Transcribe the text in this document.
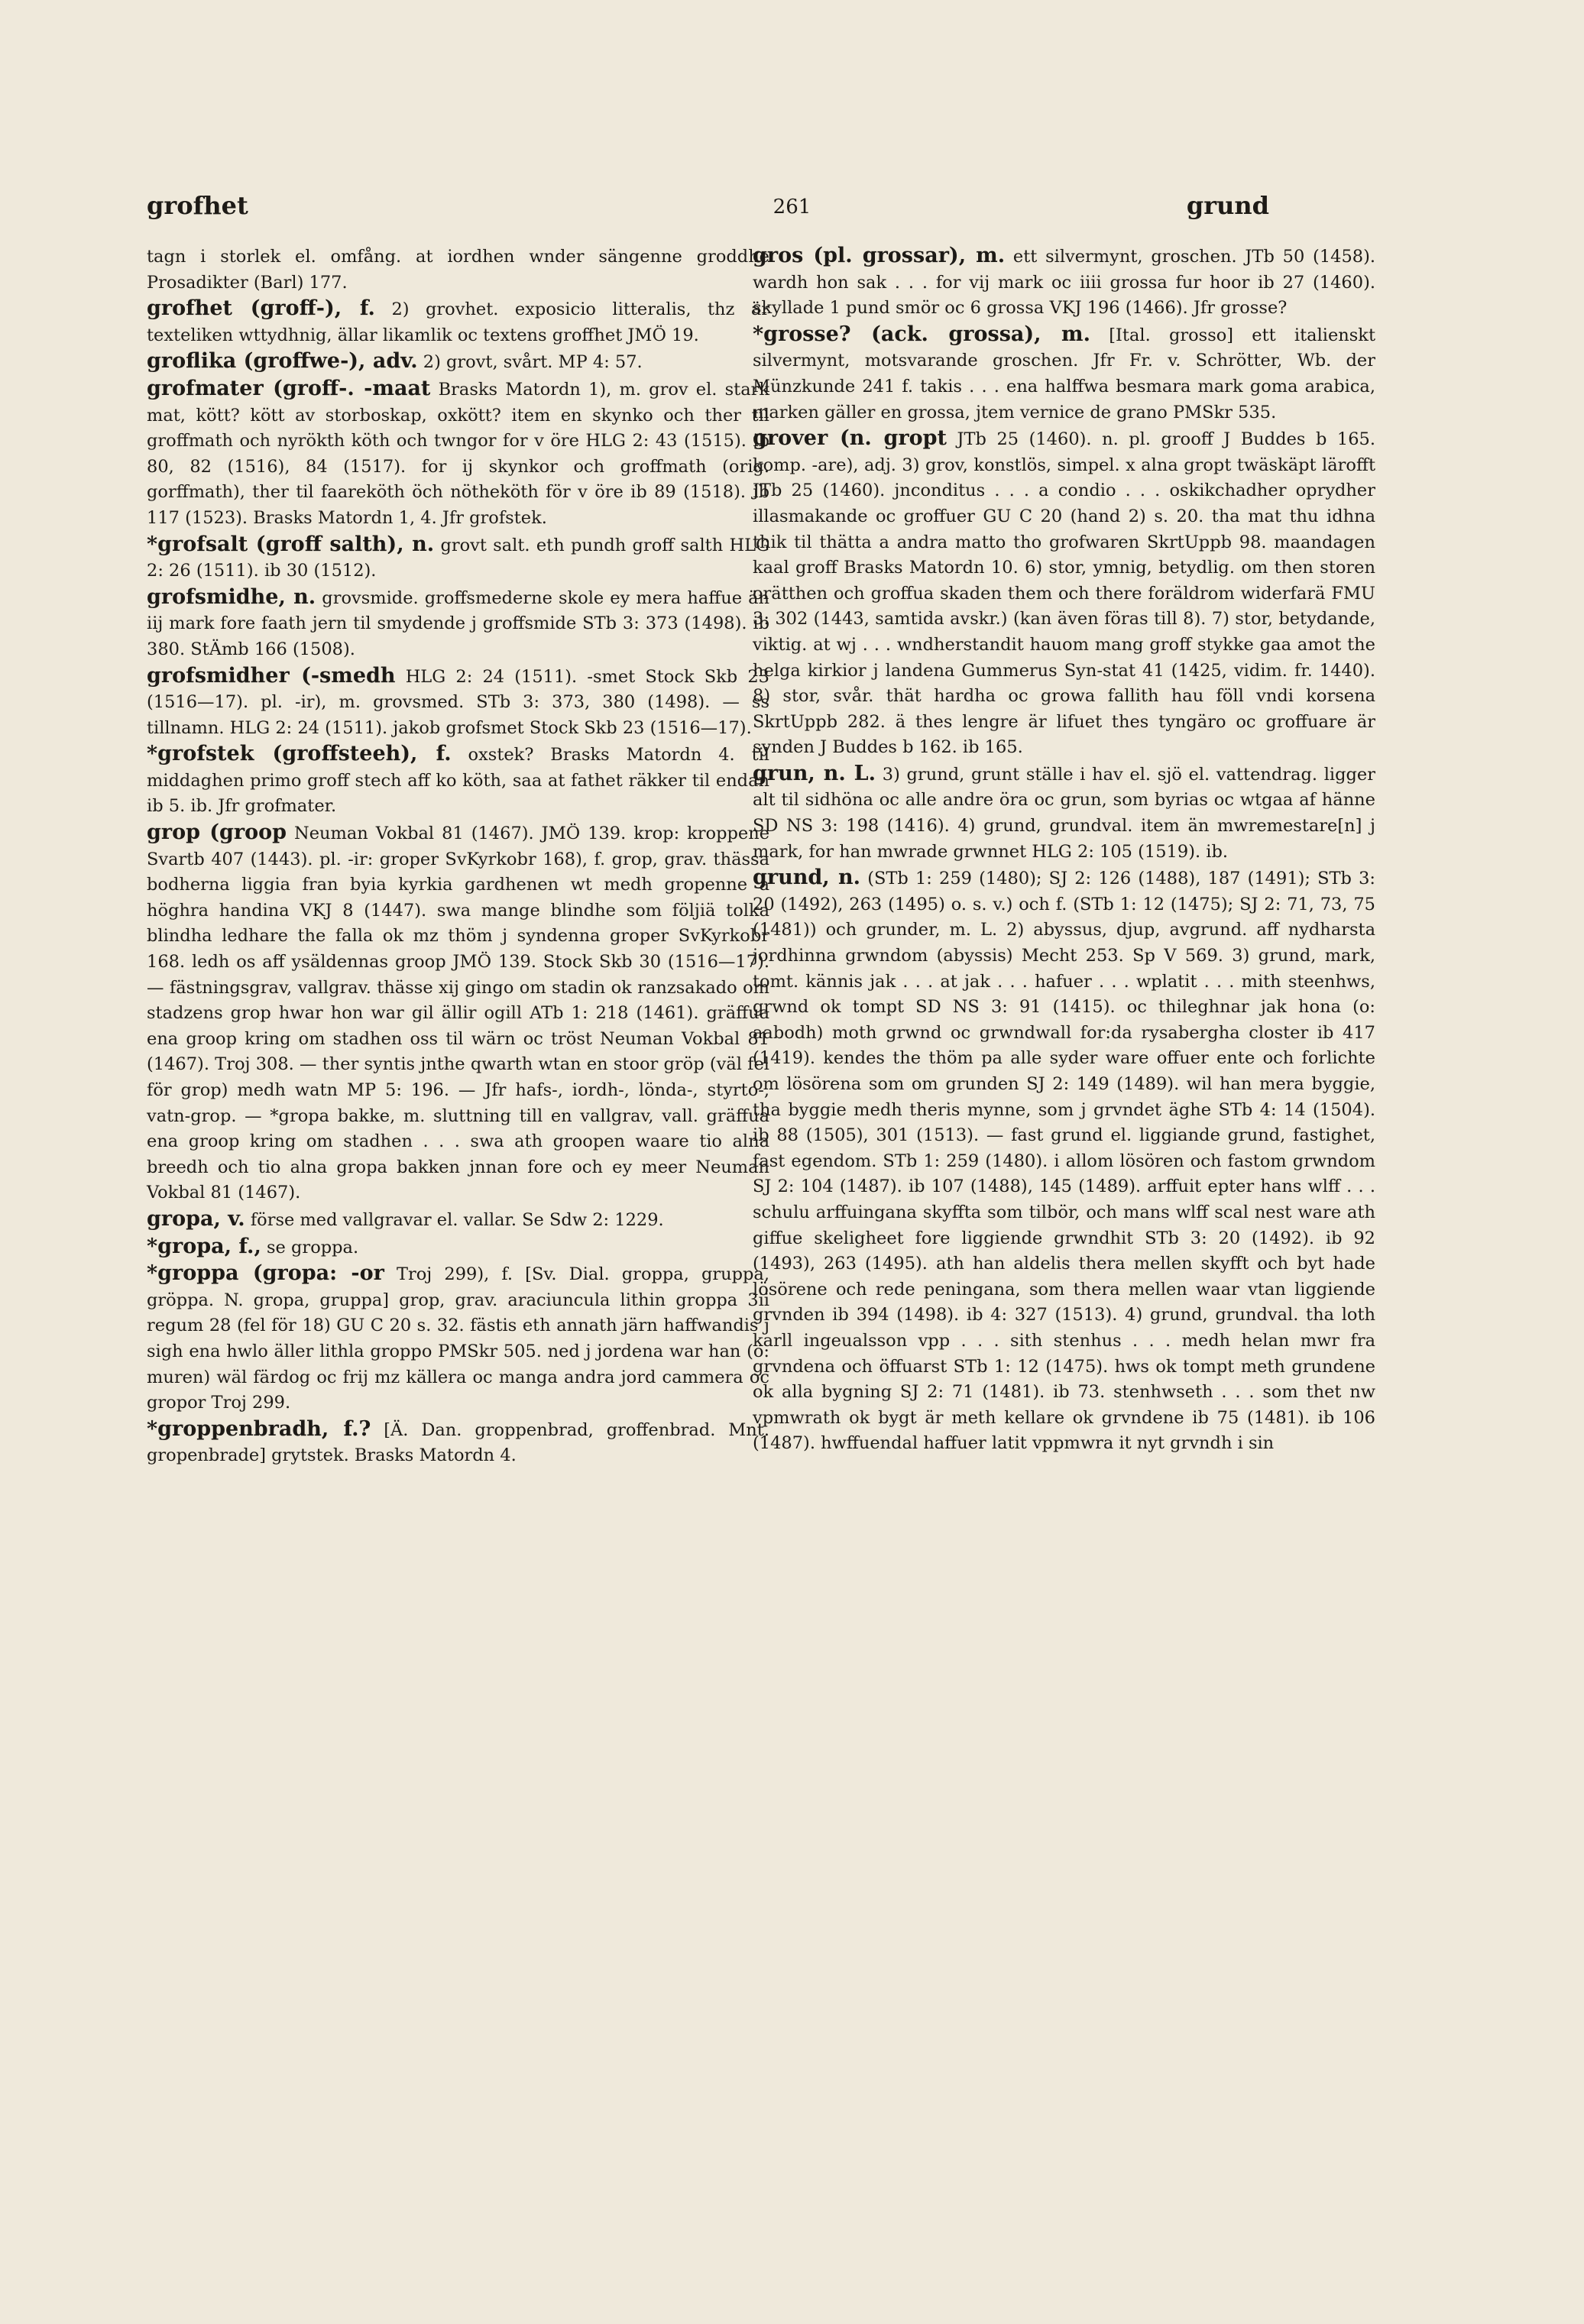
grofhet	261	grund

tagn i storlek el. omfång. at iordhen wnder sängenne groddhe Prosadikter (Barl) 177.

grofhet (groff-), f. 2) grovhet. exposicio litteralis, thz är texteliken wttydhnig, ällar likamlik oc textens groffhet JMÖ 19.

groflika (groffwe-), adv. 2) grovt, svårt. MP 4: 57.

grofmater (groff-. -maat Brasks Matordn 1), m. grov el. stark mat, kött? kött av storboskap, oxkött? item en skynko och ther til groffmath och nyrökth köth och twngor for v öre HLG 2: 43 (1515). ib 80, 82 (1516), 84 (1517). for ij skynkor och groffmath (orig. gorffmath), ther til faareköth öch nötheköth för v öre ib 89 (1518). ib 117 (1523). Brasks Matordn 1, 4. Jfr grofstek.

*grofsalt (groff salth), n. grovt salt. eth pundh groff salth HLG 2: 26 (1511). ib 30 (1512).

grofsmidhe, n. grovsmide. groffsmederne skole ey mera haffue än iij mark fore faath jern til smydende j groffsmide STb 3: 373 (1498). ib 380. StÄmb 166 (1508).

grofsmidher (-smedh HLG 2: 24 (1511). -smet Stock Skb 23 (1516—17). pl. -ir), m. grovsmed. STb 3: 373, 380 (1498). — ss tillnamn. HLG 2: 24 (1511). jakob grofsmet Stock Skb 23 (1516—17).

*grofstek (groffsteeh), f. oxstek? Brasks Matordn 4. til middaghen primo groff stech aff ko köth, saa at fathet räkker til endan ib 5. ib. Jfr grofmater.

grop (groop Neuman Vokbal 81 (1467). JMÖ 139. krop: kroppene Svartb 407 (1443). pl. -ir: groper SvKyrkobr 168), f. grop, grav. thässa bodherna liggia fran byia kyrkia gardhenen wt medh gropenne a höghra handina VKJ 8 (1447). swa mange blindhe som följiä tolka blindha ledhare the falla ok mz thöm j syndenna groper SvKyrkobr 168. ledh os aff ysäldennas groop JMÖ 139. Stock Skb 30 (1516—17). — fästningsgrav, vallgrav. thässe xij gingo om stadin ok ranzsakado om stadzens grop hwar hon war gil ällir ogill ATb 1: 218 (1461). gräffua ena groop kring om stadhen oss til wärn oc tröst Neuman Vokbal 81 (1467). Troj 308. — ther syntis jnthe qwarth wtan en stoor gröp (väl fel för grop) medh watn MP 5: 196. — Jfr hafs-, iordh-, lönda-, styrto-, vatn-grop. — *gropa bakke, m. sluttning till en vallgrav, vall. gräffua ena groop kring om stadhen . . . swa ath groopen waare tio alna breedh och tio alna gropa bakken jnnan fore och ey meer Neuman Vokbal 81 (1467).

gropa, v. förse med vallgravar el. vallar. Se Sdw 2: 1229.

*gropa, f., se groppa.

*groppa (gropa: -or Troj 299), f. [Sv. Dial. groppa, gruppa, gröppa. N. gropa, gruppa] grop, grav. araciuncula lithin groppa 3ii regum 28 (fel för 18) GU C 20 s. 32. fästis eth annath järn haffwandis j sigh ena hwlo äller lithla groppo PMSkr 505. ned j jordena war han (o: muren) wäl färdog oc frij mz källera oc manga andra jord cammera oc gropor Troj 299.

*groppenbradh, f.? [Ä. Dan. groppenbrad, groffenbrad. Mnt. gropenbrade] grytstek. Brasks Matordn 4.

gros (pl. grossar), m. ett silvermynt, groschen. JTb 50 (1458). wardh hon sak . . . for vij mark oc iiii grossa fur hoor ib 27 (1460). skyllade 1 pund smör oc 6 grossa VKJ 196 (1466). Jfr grosse?

*grosse? (ack. grossa), m. [Ital. grosso] ett italienskt silvermynt, motsvarande groschen. Jfr Fr. v. Schrötter, Wb. der Münzkunde 241 f. takis . . . ena halffwa besmara mark goma arabica, marken gäller en grossa, jtem vernice de grano PMSkr 535.

grover (n. gropt JTb 25 (1460). n. pl. grooff J Buddes b 165. komp. -are), adj. 3) grov, konstlös, simpel. x alna gropt twäskäpt lärofft JTb 25 (1460). jnconditus . . . a condio . . . oskikchadher oprydher illasmakande oc groffuer GU C 20 (hand 2) s. 20. tha mat thu idhna thik til thätta a andra matto tho grofwaren SkrtUppb 98. maandagen kaal groff Brasks Matordn 10. 6) stor, ymnig, betydlig. om then storen orätthen och groffua skaden them och there foräldrom widerfarä FMU 3: 302 (1443, samtida avskr.) (kan även föras till 8). 7) stor, betydande, viktig. at wj . . . wndherstandit hauom mang groff stykke gaa amot the helga kirkior j landena Gummerus Syn-stat 41 (1425, vidim. fr. 1440). 8) stor, svår. thät hardha oc growa fallith hau föll vndi korsena SkrtUppb 282. ä thes lengre är lifuet thes tyngäro oc groffuare är synden J Buddes b 162. ib 165.

grun, n. L. 3) grund, grunt ställe i hav el. sjö el. vattendrag. ligger alt til sidhöna oc alle andre öra oc grun, som byrias oc wtgaa af hänne SD NS 3: 198 (1416). 4) grund, grundval. item än mwremestare[n] j mark, for han mwrade grwnnet HLG 2: 105 (1519). ib.

grund, n. (STb 1: 259 (1480); SJ 2: 126 (1488), 187 (1491); STb 3: 20 (1492), 263 (1495) o. s. v.) och f. (STb 1: 12 (1475); SJ 2: 71, 73, 75 (1481)) och grunder, m. L. 2) abyssus, djup, avgrund. aff nydharsta jordhinna grwndom (abyssis) Mecht 253. Sp V 569. 3) grund, mark, tomt. kännis jak . . . at jak . . . hafuer . . . wplatit . . . mith steenhws, grwnd ok tompt SD NS 3: 91 (1415). oc thileghnar jak hona (o: aabodh) moth grwnd oc grwndwall for:da rysabergha closter ib 417 (1419). kendes the thöm pa alle syder ware offuer ente och forlichte om lösörena som om grunden SJ 2: 149 (1489). wil han mera byggie, tha byggie medh theris mynne, som j grvndet äghe STb 4: 14 (1504). ib 88 (1505), 301 (1513). — fast grund el. liggiande grund, fastighet, fast egendom. STb 1: 259 (1480). i allom lösören och fastom grwndom SJ 2: 104 (1487). ib 107 (1488), 145 (1489). arffuit epter hans wlff . . . schulu arffuingana skyffta som tilbör, och mans wlff scal nest ware ath giffue skeligheet fore liggiende grwndhit STb 3: 20 (1492). ib 92 (1493), 263 (1495). ath han aldelis thera mellen skyfft och byt hade lösörene och rede peningana, som thera mellen waar vtan liggiende grvnden ib 394 (1498). ib 4: 327 (1513). 4) grund, grundval. tha loth karll ingeualsson vpp . . . sith stenhus . . . medh helan mwr fra grvndena och öffuarst STb 1: 12 (1475). hws ok tompt meth grundene ok alla bygning SJ 2: 71 (1481). ib 73. stenhwseth . . . som thet nw vpmwrath ok bygt är meth kellare ok grvndene ib 75 (1481). ib 106 (1487). hwffuendal haffuer latit vppmwra it nyt grvndh i sin
